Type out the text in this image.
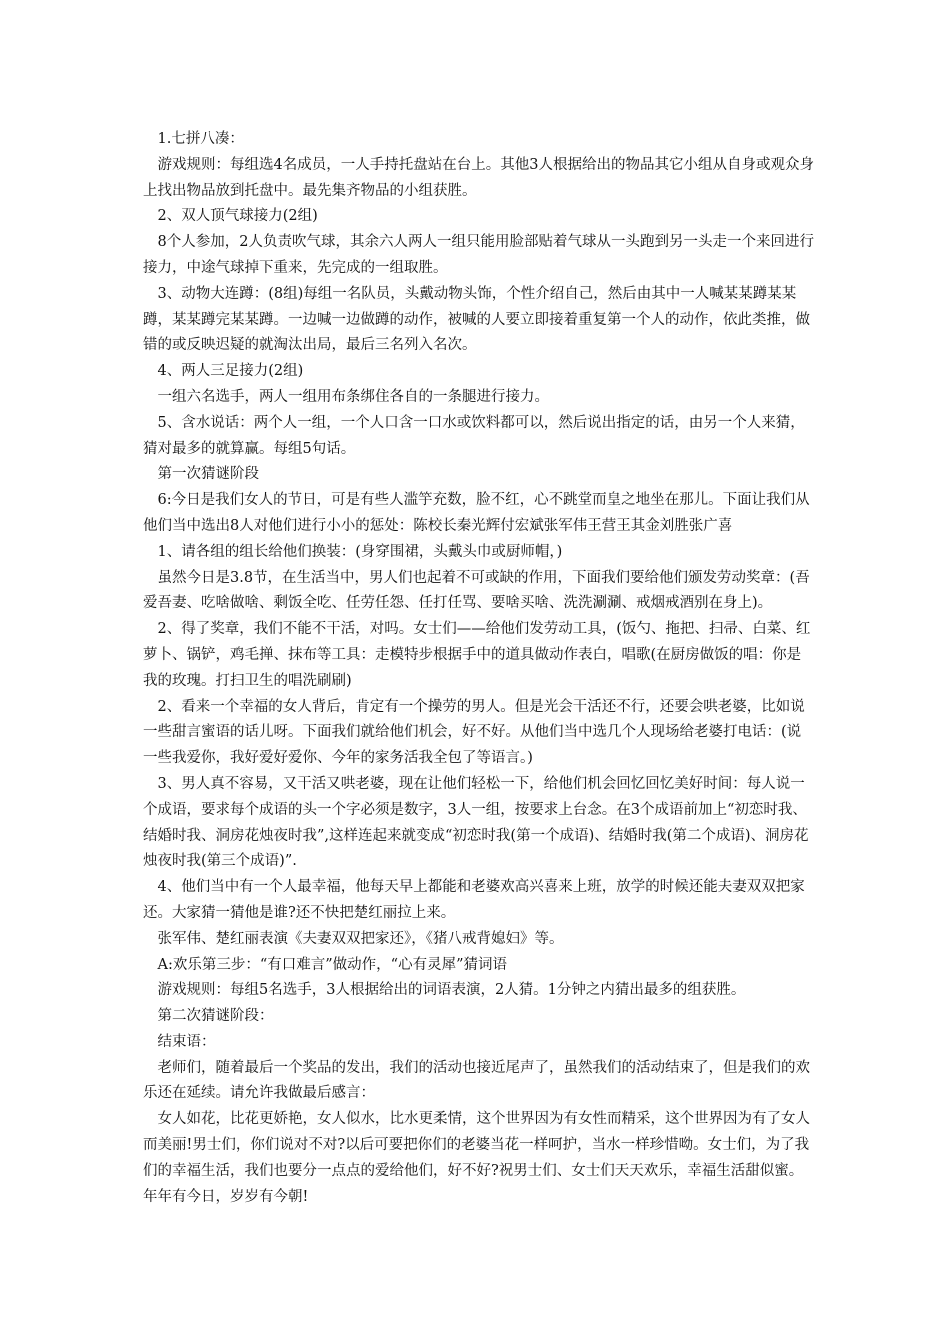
1.七拼八凑：

游戏规则：每组选4名成员，一人手持托盘站在台上。其他3人根据给出的物品其它小组从自身或观众身上找出物品放到托盘中。最先集齐物品的小组获胜。

2、双人顶气球接力(2组)

8个人参加，2人负责吹气球，其余六人两人一组只能用脸部贴着气球从一头跑到另一头走一个来回进行接力，中途气球掉下重来，先完成的一组取胜。

3、动物大连蹲：(8组)每组一名队员，头戴动物头饰，个性介绍自己，然后由其中一人喊某某蹲某某蹲，某某蹲完某某蹲。一边喊一边做蹲的动作，被喊的人要立即接着重复第一个人的动作，依此类推，做错的或反映迟疑的就淘汰出局，最后三名列入名次。

4、两人三足接力(2组)

一组六名选手，两人一组用布条绑住各自的一条腿进行接力。

5、含水说话：两个人一组，一个人口含一口水或饮料都可以，然后说出指定的话，由另一个人来猜，猜对最多的就算赢。每组5句话。

第一次猜谜阶段

6:今日是我们女人的节日，可是有些人滥竽充数，脸不红，心不跳堂而皇之地坐在那儿。下面让我们从他们当中选出8人对他们进行小小的惩处：陈校长秦光辉付宏斌张军伟王营王其金刘胜张广喜

1、请各组的组长给他们换装：(身穿围裙，头戴头巾或厨师帽，)

虽然今日是3.8节，在生活当中，男人们也起着不可或缺的作用，下面我们要给他们颁发劳动奖章：(吾爱吾妻、吃啥做啥、剩饭全吃、任劳任怨、任打任骂、要啥买啥、洗洗涮涮、戒烟戒酒别在身上)。

2、得了奖章，我们不能不干活，对吗。女士们——给他们发劳动工具，(饭勺、拖把、扫帚、白菜、红萝卜、锅铲，鸡毛掸、抹布等工具：走模特步根据手中的道具做动作表白，唱歌(在厨房做饭的唱：你是我的玫瑰。打扫卫生的唱洗刷刷)

2、看来一个幸福的女人背后，肯定有一个操劳的男人。但是光会干活还不行，还要会哄老婆，比如说一些甜言蜜语的话儿呀。下面我们就给他们机会，好不好。从他们当中选几个人现场给老婆打电话：(说一些我爱你，我好爱好爱你、今年的家务活我全包了等语言。)

3、男人真不容易，又干活又哄老婆，现在让他们轻松一下，给他们机会回忆回忆美好时间：每人说一个成语，要求每个成语的头一个字必须是数字，3人一组，按要求上台念。在3个成语前加上“初恋时我、结婚时我、洞房花烛夜时我”,这样连起来就变成“初恋时我(第一个成语)、结婚时我(第二个成语)、洞房花烛夜时我(第三个成语)”.

4、他们当中有一个人最幸福，他每天早上都能和老婆欢高兴喜来上班，放学的时候还能夫妻双双把家还。大家猜一猜他是谁?还不快把楚红丽拉上来。

张军伟、楚红丽表演《夫妻双双把家还》，《猪八戒背媳妇》等。

A:欢乐第三步：“有口难言”做动作，“心有灵犀”猜词语

游戏规则：每组5名选手，3人根据给出的词语表演，2人猜。1分钟之内猜出最多的组获胜。

第二次猜谜阶段：

结束语：

老师们，随着最后一个奖品的发出，我们的活动也接近尾声了，虽然我们的活动结束了，但是我们的欢乐还在延续。请允许我做最后感言：

女人如花，比花更娇艳，女人似水，比水更柔情，这个世界因为有女性而精采，这个世界因为有了女人而美丽!男士们，你们说对不对?以后可要把你们的老婆当花一样呵护，当水一样珍惜呦。女士们，为了我们的幸福生活，我们也要分一点点的爱给他们，好不好?祝男士们、女士们天天欢乐，幸福生活甜似蜜。年年有今日，岁岁有今朝!
